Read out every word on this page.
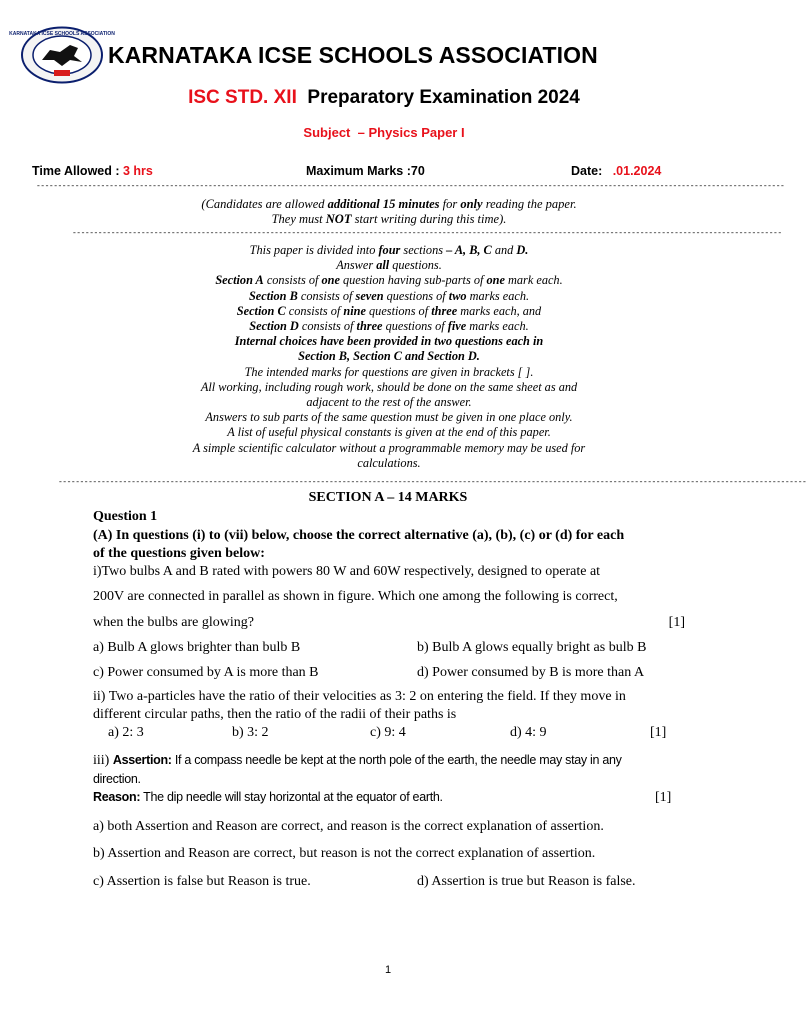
KARNATAKA ICSE SCHOOLS ASSOCIATION
KARNATAKA ICSE SCHOOLS ASSOCIATION
ISC STD. XII Preparatory Examination 2024
Subject – Physics Paper I
Time Allowed : 3 hrs	Maximum Marks :70	Date: .01.2024
------------------------------------------------------------------------------------------------------------------------------------------------------------------------------
(Candidates are allowed additional 15 minutes for only reading the paper.
They must NOT start writing during this time).
---------------------------------------------------------------------------------------------------------------------------------------------------------------------
This paper is divided into four sections – A, B, C and D.
Answer all questions.
Section A consists of one question having sub-parts of one mark each.
Section B consists of seven questions of two marks each.
Section C consists of nine questions of three marks each, and
Section D consists of three questions of five marks each.
Internal choices have been provided in two questions each in
Section B, Section C and Section D.
The intended marks for questions are given in brackets [ ].
All working, including rough work, should be done on the same sheet as and
adjacent to the rest of the answer.
Answers to sub parts of the same question must be given in one place only.
A list of useful physical constants is given at the end of this paper.
A simple scientific calculator without a programmable memory may be used for
calculations.
------------------------------------------------------------------------------------------------------------------------------------------------------------------------------
SECTION A – 14 MARKS
Question 1
(A) In questions (i) to (vii) below, choose the correct alternative (a), (b), (c) or (d) for each
of the questions given below:
i)Two bulbs A and B rated with powers 80 W and 60W respectively, designed to operate at
200V are connected in parallel as shown in figure. Which one among the following is correct,
when the bulbs are glowing?	[1]
a) Bulb A glows brighter than bulb B	b) Bulb A glows equally bright as bulb B
c) Power consumed by A is more than B	d) Power consumed by B is more than A
ii) Two a-particles have the ratio of their velocities as 3: 2 on entering the field. If they move in
different circular paths, then the ratio of the radii of their paths is
a) 2: 3	b) 3: 2	c) 9: 4	d) 4: 9	[1]
iii) Assertion: If a compass needle be kept at the north pole of the earth, the needle may stay in any
direction.
Reason: The dip needle will stay horizontal at the equator of earth.	[1]
a) both Assertion and Reason are correct, and reason is the correct explanation of assertion.
b) Assertion and Reason are correct, but reason is not the correct explanation of assertion.
c) Assertion is false but Reason is true.	d) Assertion is true but Reason is false.
1
